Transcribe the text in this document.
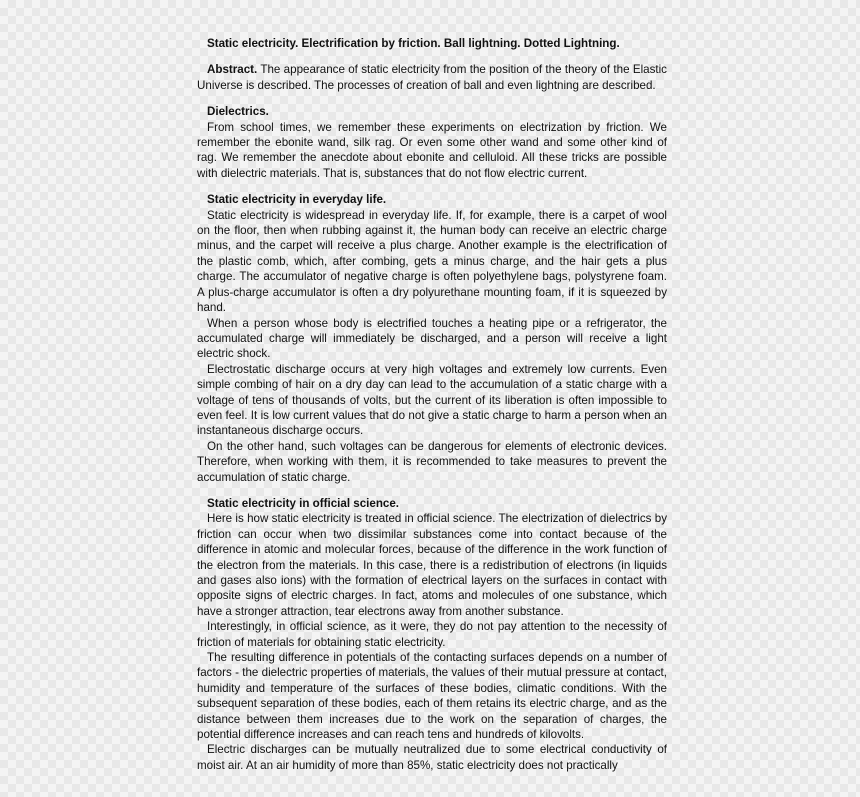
Static electricity. Electrification by friction. Ball lightning. Dotted Lightning.
Abstract. The appearance of static electricity from the position of the theory of the Elastic Universe is described. The processes of creation of ball and even lightning are described.
Dielectrics.
From school times, we remember these experiments on electrization by friction. We remember the ebonite wand, silk rag. Or even some other wand and some other kind of rag. We remember the anecdote about ebonite and celluloid. All these tricks are possible with dielectric materials. That is, substances that do not flow electric current.
Static electricity in everyday life.
Static electricity is widespread in everyday life. If, for example, there is a carpet of wool on the floor, then when rubbing against it, the human body can receive an electric charge minus, and the carpet will receive a plus charge. Another example is the electrification of the plastic comb, which, after combing, gets a minus charge, and the hair gets a plus charge. The accumulator of negative charge is often polyethylene bags, polystyrene foam. A plus-charge accumulator is often a dry polyurethane mounting foam, if it is squeezed by hand.
When a person whose body is electrified touches a heating pipe or a refrigerator, the accumulated charge will immediately be discharged, and a person will receive a light electric shock.
Electrostatic discharge occurs at very high voltages and extremely low currents. Even simple combing of hair on a dry day can lead to the accumulation of a static charge with a voltage of tens of thousands of volts, but the current of its liberation is often impossible to even feel. It is low current values that do not give a static charge to harm a person when an instantaneous discharge occurs.
On the other hand, such voltages can be dangerous for elements of electronic devices. Therefore, when working with them, it is recommended to take measures to prevent the accumulation of static charge.
Static electricity in official science.
Here is how static electricity is treated in official science. The electrization of dielectrics by friction can occur when two dissimilar substances come into contact because of the difference in atomic and molecular forces, because of the difference in the work function of the electron from the materials. In this case, there is a redistribution of electrons (in liquids and gases also ions) with the formation of electrical layers on the surfaces in contact with opposite signs of electric charges. In fact, atoms and molecules of one substance, which have a stronger attraction, tear electrons away from another substance.
Interestingly, in official science, as it were, they do not pay attention to the necessity of friction of materials for obtaining static electricity.
The resulting difference in potentials of the contacting surfaces depends on a number of factors - the dielectric properties of materials, the values of their mutual pressure at contact, humidity and temperature of the surfaces of these bodies, climatic conditions. With the subsequent separation of these bodies, each of them retains its electric charge, and as the distance between them increases due to the work on the separation of charges, the potential difference increases and can reach tens and hundreds of kilovolts.
Electric discharges can be mutually neutralized due to some electrical conductivity of moist air. At an air humidity of more than 85%, static electricity does not practically
